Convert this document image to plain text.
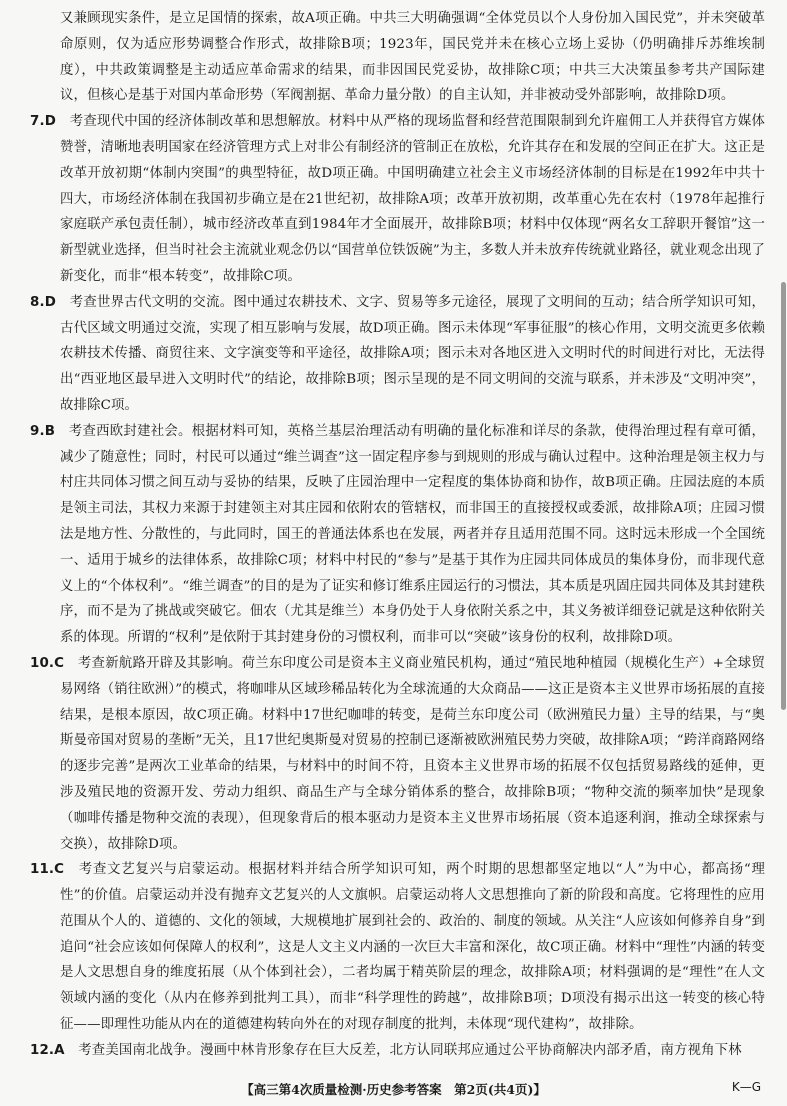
又兼顾现实条件，是立足国情的探索，故A项正确。中共三大明确强调“全体党员以个人身份加入国民党”，并未突破革命原则，仅为适应形势调整合作形式，故排除B项；1923年，国民党并未在核心立场上妥协（仍明确排斥苏维埃制度），中共政策调整是主动适应革命需求的结果，而非因国民党妥协，故排除C项；中共三大决策虽参考共产国际建议，但核心是基于对国内革命形势（军阀割据、革命力量分散）的自主认知，并非被动受外部影响，故排除D项。

7.D　 考查现代中国的经济体制改革和思想解放。材料中从严格的现场监督和经营范围限制到允许雇佣工人并获得官方媒体赞誉，清晰地表明国家在经济管理方式上对非公有制经济的管制正在放松，允许其存在和发展的空间正在扩大。这正是改革开放初期“体制内突围”的典型特征，故D项正确。中国明确建立社会主义市场经济体制的目标是在1992年中共十四大，市场经济体制在我国初步确立是在21世纪初，故排除A项；改革开放初期，改革重心先在农村（1978年起推行家庭联产承包责任制），城市经济改革直到1984年才全面展开，故排除B项；材料中仅体现“两名女工辞职开餐馆”这一新型就业选择，但当时社会主流就业观念仍以“国营单位铁饭碗”为主，多数人并未放弃传统就业路径，就业观念出现了新变化，而非“根本转变”，故排除C项。

8.D　 考查世界古代文明的交流。图中通过农耕技术、文字、贸易等多元途径，展现了文明间的互动；结合所学知识可知，古代区域文明通过交流，实现了相互影响与发展，故D项正确。图示未体现“军事征服”的核心作用，文明交流更多依赖农耕技术传播、商贸往来、文字演变等和平途径，故排除A项；图示未对各地区进入文明时代的时间进行对比，无法得出“西亚地区最早进入文明时代”的结论，故排除B项；图示呈现的是不同文明间的交流与联系，并未涉及“文明冲突”，故排除C项。

9.B　 考查西欧封建社会。根据材料可知，英格兰基层治理活动有明确的量化标准和详尽的条款，使得治理过程有章可循，减少了随意性；同时，村民可以通过“维兰调查”这一固定程序参与到规则的形成与确认过程中。这种治理是领主权力与村庄共同体习惯之间互动与妥协的结果，反映了庄园治理中一定程度的集体协商和协作，故B项正确。庄园法庭的本质是领主司法，其权力来源于封建领主对其庄园和依附农的管辖权，而非国王的直接授权或委派，故排除A项；庄园习惯法是地方性、分散性的，与此同时，国王的普通法体系也在发展，两者并存且适用范围不同。这时远未形成一个全国统一、适用于城乡的法律体系，故排除C项；材料中村民的“参与”是基于其作为庄园共同体成员的集体身份，而非现代意义上的“个体权利”。“维兰调查”的目的是为了证实和修订维系庄园运行的习惯法，其本质是巩固庄园共同体及其封建秩序，而不是为了挑战或突破它。佃农（尤其是维兰）本身仍处于人身依附关系之中，其义务被详细登记就是这种依附关系的体现。所谓的“权利”是依附于其封建身份的习惯权利，而非可以“突破”该身份的权利，故排除D项。

10.C　 考查新航路开辟及其影响。荷兰东印度公司是资本主义商业殖民机构，通过“殖民地种植园（规模化生产）+全球贸易网络（销往欧洲）”的模式，将咖啡从区域珍稀品转化为全球流通的大众商品——这正是资本主义世界市场拓展的直接结果，是根本原因，故C项正确。材料中17世纪咖啡的转变，是荷兰东印度公司（欧洲殖民力量）主导的结果，与“奥斯曼帝国对贸易的垄断”无关，且17世纪奥斯曼对贸易的控制已逐渐被欧洲殖民势力突破，故排除A项；“跨洋商路网络的逐步完善”是两次工业革命的结果，与材料中的时间不符，且资本主义世界市场的拓展不仅包括贸易路线的延伸，更涉及殖民地的资源开发、劳动力组织、商品生产与全球分销体系的整合，故排除B项；“物种交流的频率加快”是现象（咖啡传播是物种交流的表现），但现象背后的根本驱动力是资本主义世界市场拓展（资本追逐利润，推动全球探索与交换），故排除D项。

11.C　 考查文艺复兴与启蒙运动。根据材料并结合所学知识可知，两个时期的思想都坚定地以“人”为中心，都高扬“理性”的价值。启蒙运动并没有抛弃文艺复兴的人文旗帜。启蒙运动将人文思想推向了新的阶段和高度。它将理性的应用范围从个人的、道德的、文化的领域，大规模地扩展到社会的、政治的、制度的领域。从关注“人应该如何修养自身”到追问“社会应该如何保障人的权利”，这是人文主义内涵的一次巨大丰富和深化，故C项正确。材料中“理性”内涵的转变是人文思想自身的维度拓展（从个体到社会），二者均属于精英阶层的理念，故排除A项；材料强调的是“理性”在人文领域内涵的变化（从内在修养到批判工具），而非“科学理性的跨越”，故排除B项；D项没有揭示出这一转变的核心特征——即理性功能从内在的道德建构转向外在的对现存制度的批判，未体现“现代建构”，故排除。

12.A　 考查美国南北战争。漫画中林肯形象存在巨大反差，北方认同联邦应通过公平协商解决内部矛盾，南方视角下林

【高三第4次质量检测·历史参考答案　第2页(共4页)】	K—G
